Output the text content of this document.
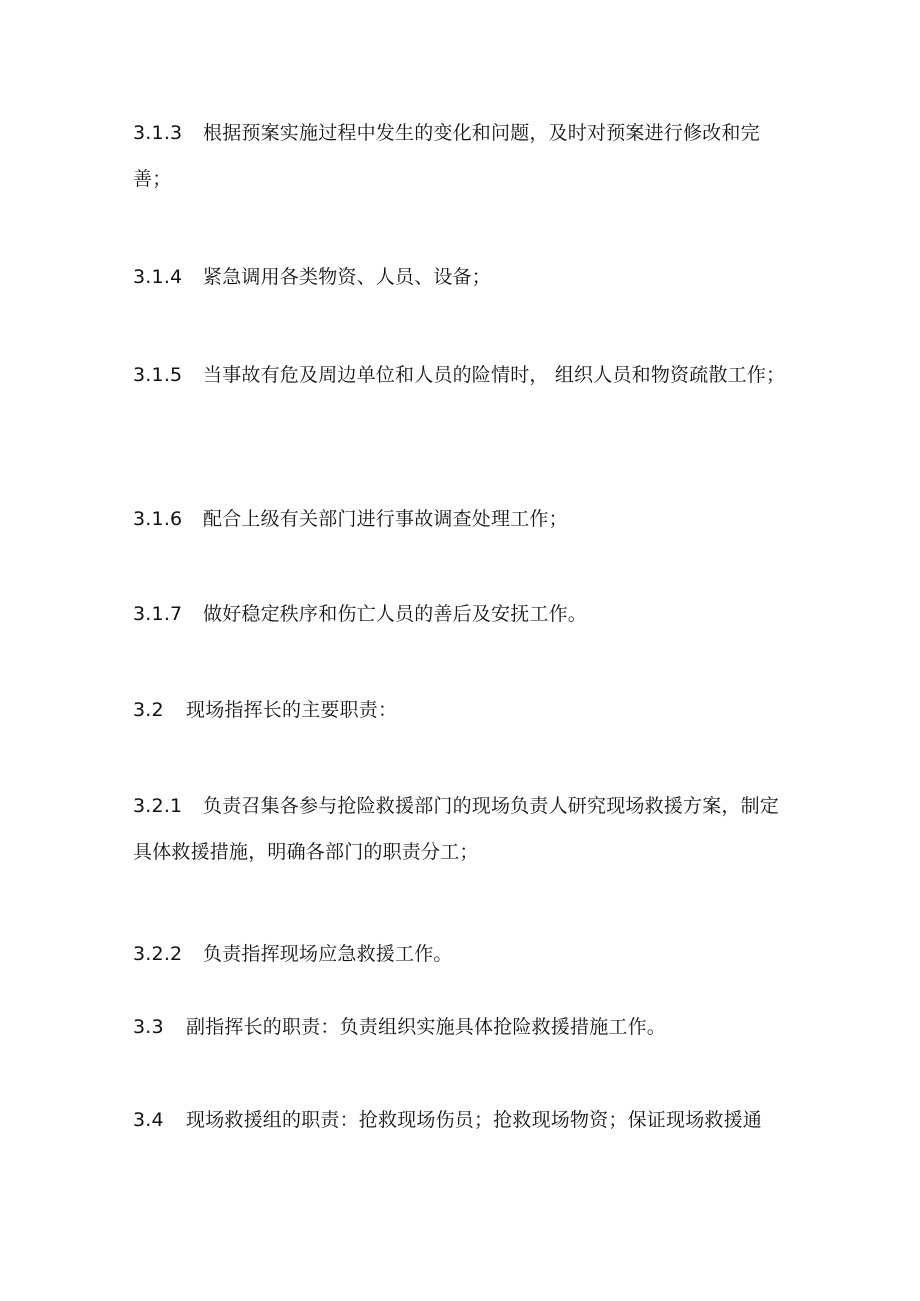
3.1.3 根据预案实施过程中发生的变化和问题，及时对预案进行修改和完善；

3.1.4 紧急调用各类物资、人员、设备；

3.1.5 当事故有危及周边单位和人员的险情时， 组织人员和物资疏散工作；

3.1.6 配合上级有关部门进行事故调查处理工作；

3.1.7 做好稳定秩序和伤亡人员的善后及安抚工作。

3.2 现场指挥长的主要职责：

3.2.1 负责召集各参与抢险救援部门的现场负责人研究现场救援方案，制定具体救援措施，明确各部门的职责分工；

3.2.2 负责指挥现场应急救援工作。

3.3 副指挥长的职责：负责组织实施具体抢险救援措施工作。

3.4 现场救援组的职责：抢救现场伤员；抢救现场物资；保证现场救援通
